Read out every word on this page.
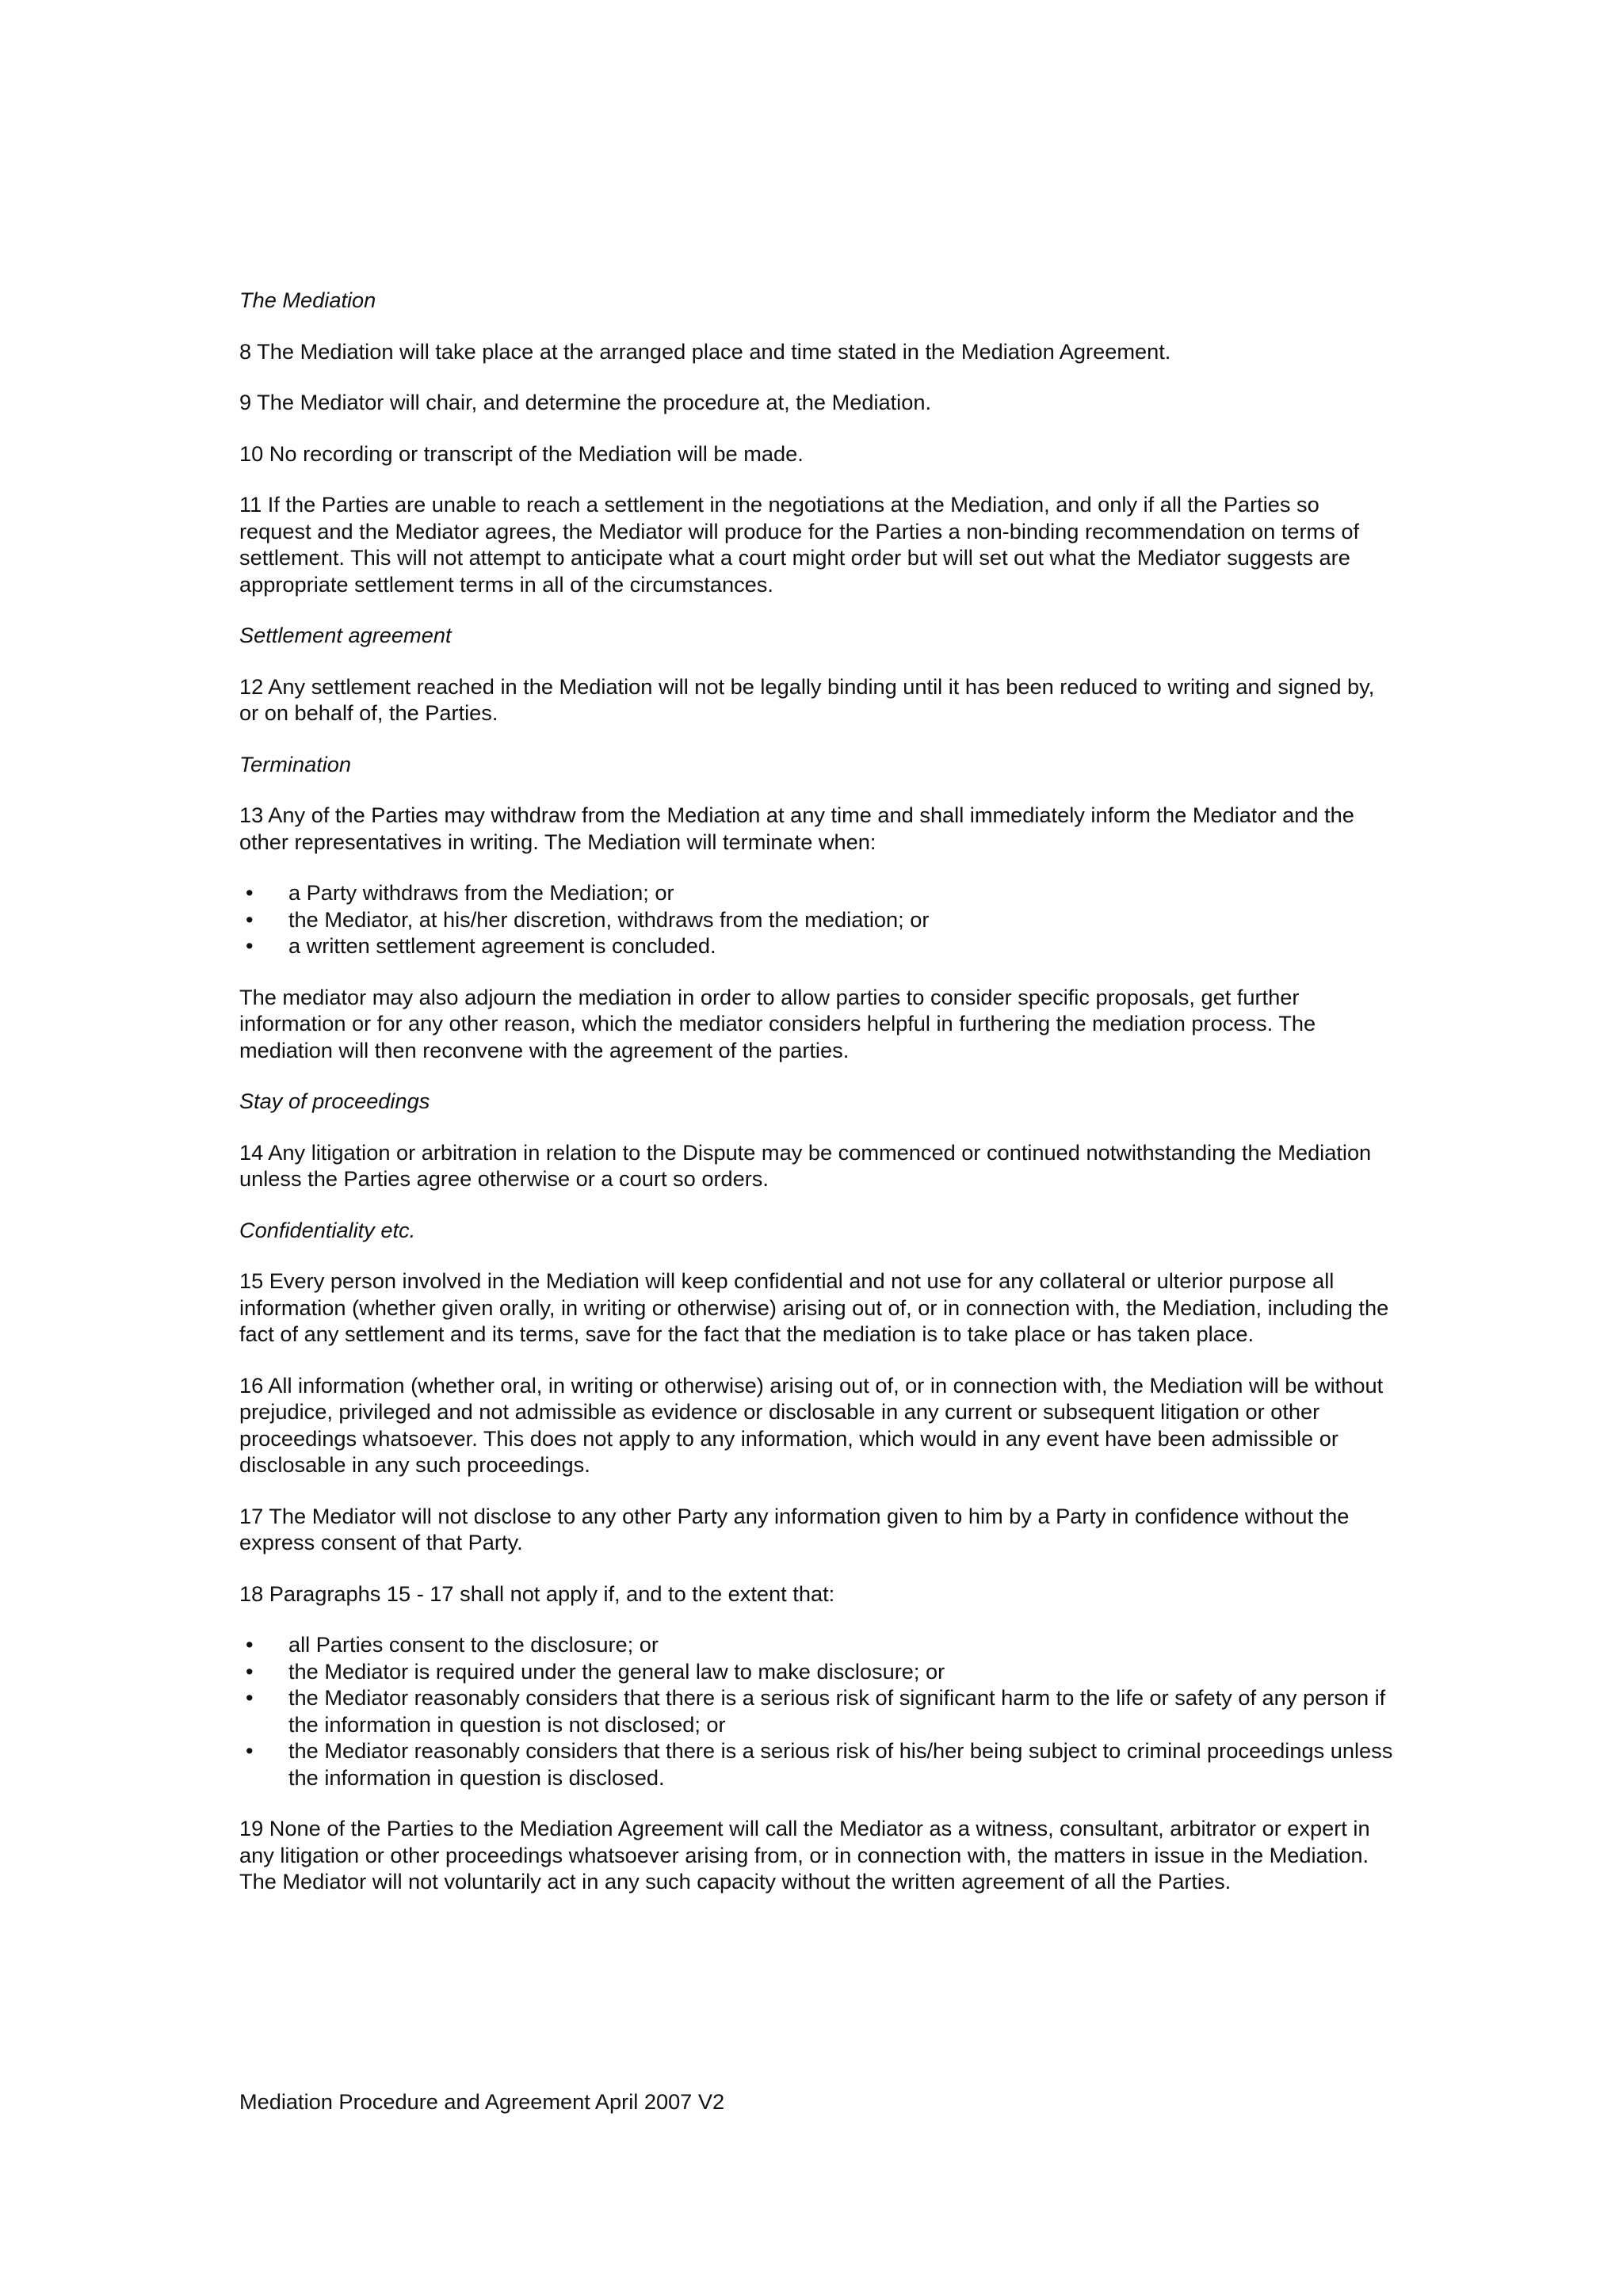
The Mediation
8 The Mediation will take place at the arranged place and time stated in the Mediation Agreement.
9 The Mediator will chair, and determine the procedure at, the Mediation.
10 No recording or transcript of the Mediation will be made.
11 If the Parties are unable to reach a settlement in the negotiations at the Mediation, and only if all the Parties so request and the Mediator agrees, the Mediator will produce for the Parties a non-binding recommendation on terms of settlement. This will not attempt to anticipate what a court might order but will set out what the Mediator suggests are appropriate settlement terms in all of the circumstances.
Settlement agreement
12 Any settlement reached in the Mediation will not be legally binding until it has been reduced to writing and signed by, or on behalf of, the Parties.
Termination
13 Any of the Parties may withdraw from the Mediation at any time and shall immediately inform the Mediator and the other representatives in writing. The Mediation will terminate when:
• a Party withdraws from the Mediation; or
• the Mediator, at his/her discretion, withdraws from the mediation; or
• a written settlement agreement is concluded.
The mediator may also adjourn the mediation in order to allow parties to consider specific proposals, get further information or for any other reason, which the mediator considers helpful in furthering the mediation process. The mediation will then reconvene with the agreement of the parties.
Stay of proceedings
14 Any litigation or arbitration in relation to the Dispute may be commenced or continued notwithstanding the Mediation unless the Parties agree otherwise or a court so orders.
Confidentiality etc.
15 Every person involved in the Mediation will keep confidential and not use for any collateral or ulterior purpose all information (whether given orally, in writing or otherwise) arising out of, or in connection with, the Mediation, including the fact of any settlement and its terms, save for the fact that the mediation is to take place or has taken place.
16 All information (whether oral, in writing or otherwise) arising out of, or in connection with, the Mediation will be without prejudice, privileged and not admissible as evidence or disclosable in any current or subsequent litigation or other proceedings whatsoever. This does not apply to any information, which would in any event have been admissible or disclosable in any such proceedings.
17 The Mediator will not disclose to any other Party any information given to him by a Party in confidence without the express consent of that Party.
18 Paragraphs 15 - 17 shall not apply if, and to the extent that:
• all Parties consent to the disclosure; or
• the Mediator is required under the general law to make disclosure; or
• the Mediator reasonably considers that there is a serious risk of significant harm to the life or safety of any person if the information in question is not disclosed; or
• the Mediator reasonably considers that there is a serious risk of his/her being subject to criminal proceedings unless the information in question is disclosed.
19 None of the Parties to the Mediation Agreement will call the Mediator as a witness, consultant, arbitrator or expert in any litigation or other proceedings whatsoever arising from, or in connection with, the matters in issue in the Mediation. The Mediator will not voluntarily act in any such capacity without the written agreement of all the Parties.
Mediation Procedure and Agreement April 2007 V2
